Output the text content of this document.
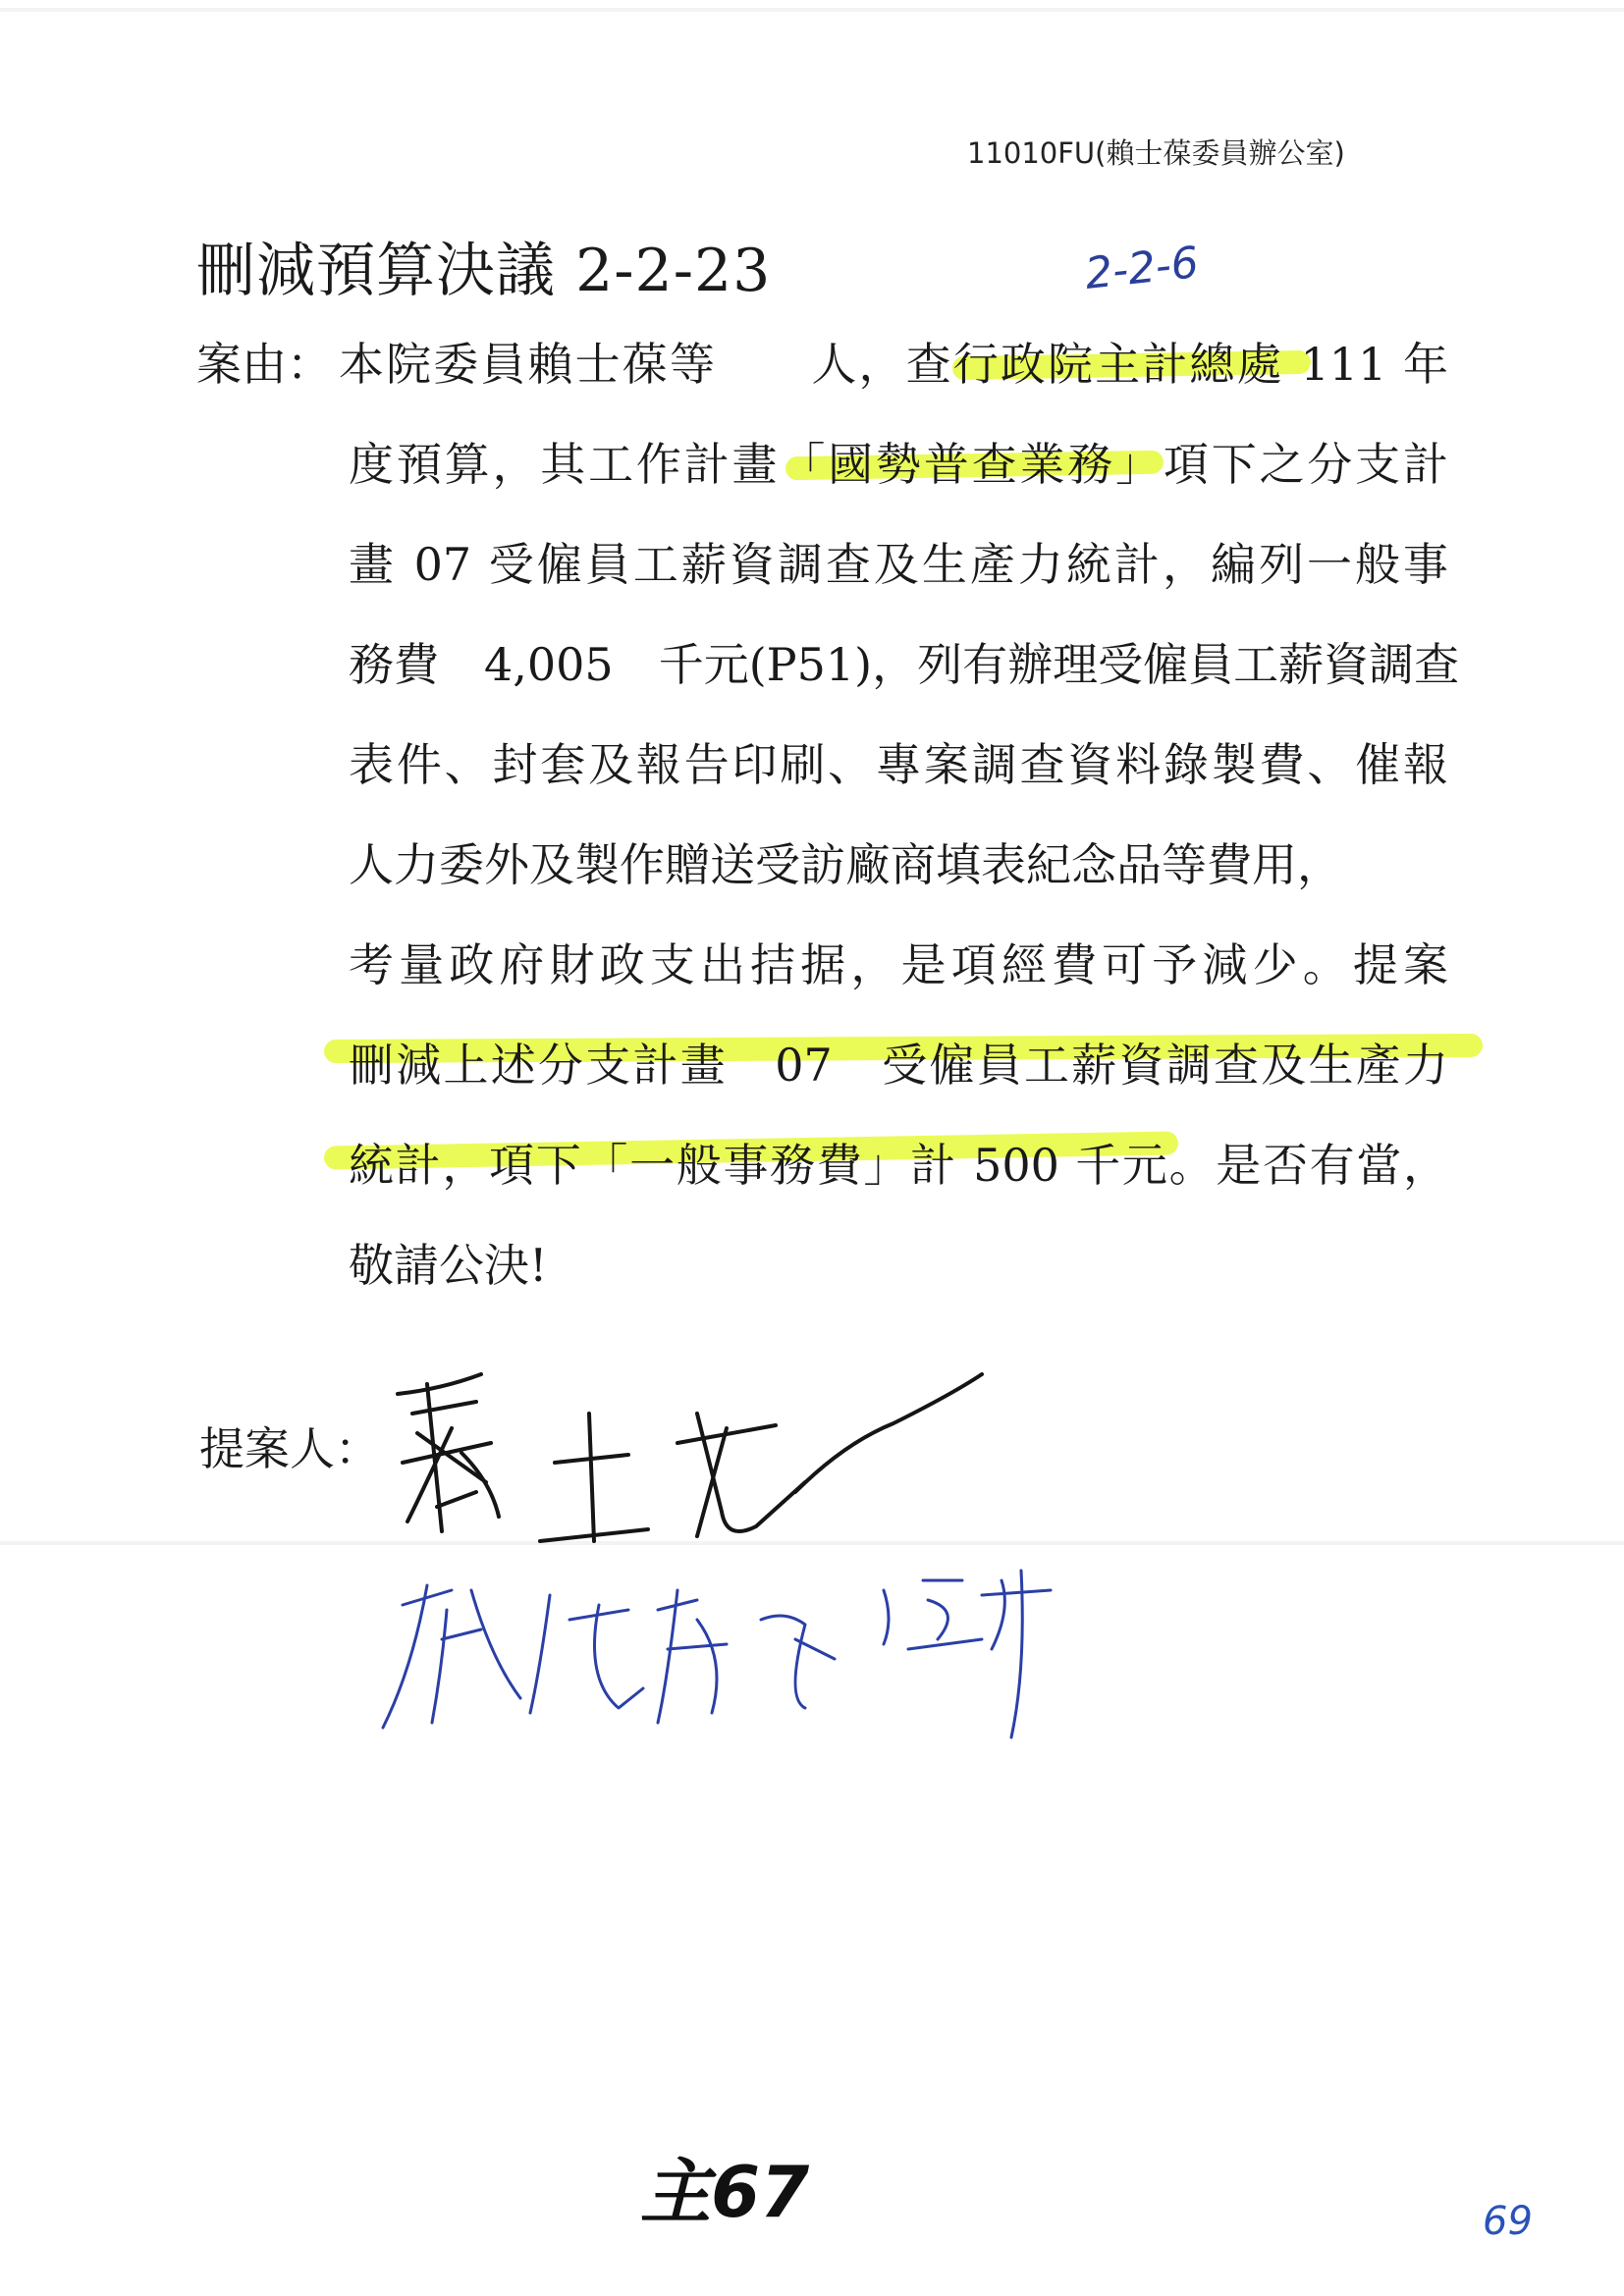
11010FU(賴士葆委員辦公室)
刪減預算決議 2-2-23	2-2-6
案由： 本院委員賴士葆等　　人，查行政院主計總處 111 年
度預算，其工作計畫「國勢普查業務」項下之分支計
畫 07 受僱員工薪資調查及生產力統計，編列一般事
務費　4,005　千元(P51)，列有辦理受僱員工薪資調查
表件、封套及報告印刷、專案調查資料錄製費、催報
人力委外及製作贈送受訪廠商填表紀念品等費用，
考量政府財政支出拮据，是項經費可予減少。提案
刪減上述分支計畫　07　受僱員工薪資調查及生產力
統計，項下「一般事務費」計 500 千元。是否有當，
敬請公決!
提案人：
主67	69
